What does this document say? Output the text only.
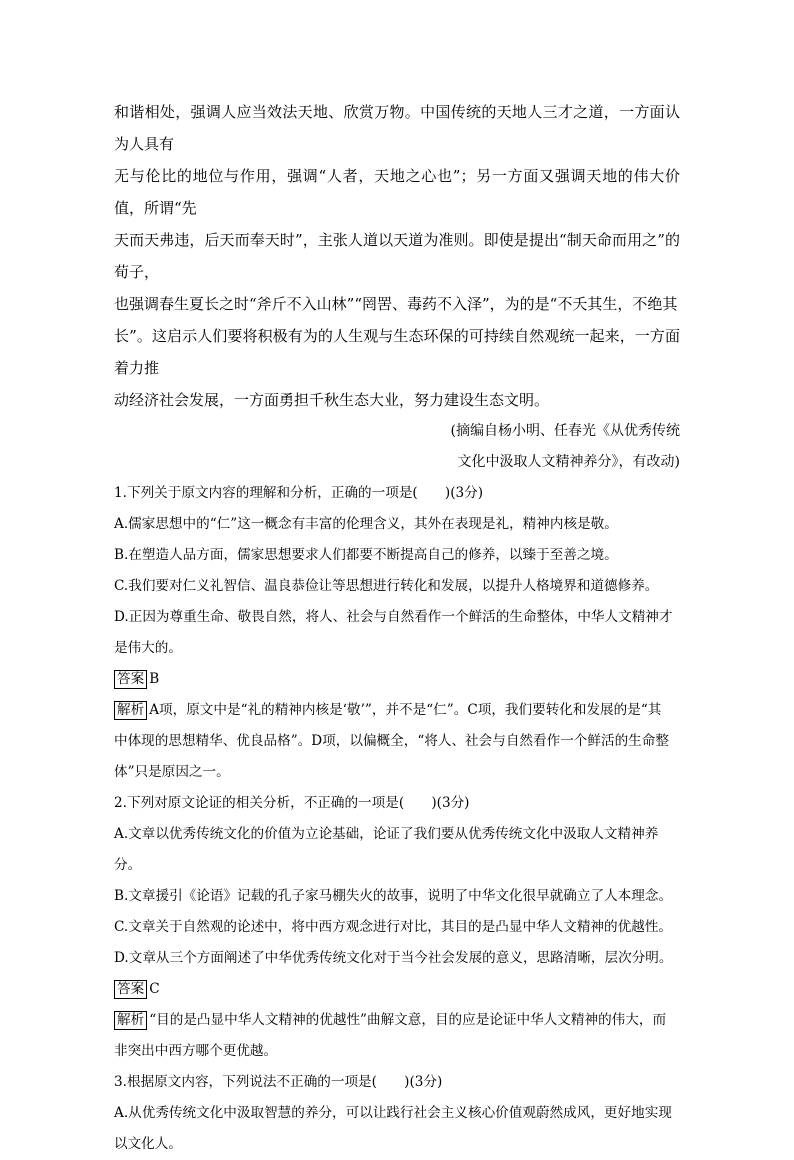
和谐相处，强调人应当效法天地、欣赏万物。中国传统的天地人三才之道，一方面认为人具有

无与伦比的地位与作用，强调“人者，天地之心也”；另一方面又强调天地的伟大价值，所谓“先

天而天弗违，后天而奉天时”，主张人道以天道为准则。即使是提出“制天命而用之”的荀子，

也强调春生夏长之时“斧斤不入山林”“罔罟、毒药不入泽”，为的是“不夭其生，不绝其

长”。这启示人们要将积极有为的人生观与生态环保的可持续自然观统一起来，一方面着力推

动经济社会发展，一方面勇担千秋生态大业，努力建设生态文明。

(摘编自杨小明、任春光《从优秀传统

文化中汲取人文精神养分》，有改动)

1.下列关于原文内容的理解和分析，正确的一项是(　　)(3分)

A.儒家思想中的“仁”这一概念有丰富的伦理含义，其外在表现是礼，精神内核是敬。

B.在塑造人品方面，儒家思想要求人们都要不断提高自己的修养，以臻于至善之境。

C.我们要对仁义礼智信、温良恭俭让等思想进行转化和发展，以提升人格境界和道德修养。

D.正因为尊重生命、敬畏自然，将人、社会与自然看作一个鲜活的生命整体，中华人文精神才

是伟大的。

答案 B

解析 A项，原文中是“礼的精神内核是‘敬’”，并不是“仁”。C项，我们要转化和发展的是“其

中体现的思想精华、优良品格”。D项，以偏概全，“将人、社会与自然看作一个鲜活的生命整

体”只是原因之一。

2.下列对原文论证的相关分析，不正确的一项是(　　)(3分)

A.文章以优秀传统文化的价值为立论基础，论证了我们要从优秀传统文化中汲取人文精神养

分。

B.文章援引《论语》记载的孔子家马棚失火的故事，说明了中华文化很早就确立了人本理念。

C.文章关于自然观的论述中，将中西方观念进行对比，其目的是凸显中华人文精神的优越性。

D.文章从三个方面阐述了中华优秀传统文化对于当今社会发展的意义，思路清晰，层次分明。

答案 C

解析 “目的是凸显中华人文精神的优越性”曲解文意，目的应是论证中华人文精神的伟大，而

非突出中西方哪个更优越。

3.根据原文内容，下列说法不正确的一项是(　　)(3分)

A.从优秀传统文化中汲取智慧的养分，可以让践行社会主义核心价值观蔚然成风，更好地实现

以文化人。
